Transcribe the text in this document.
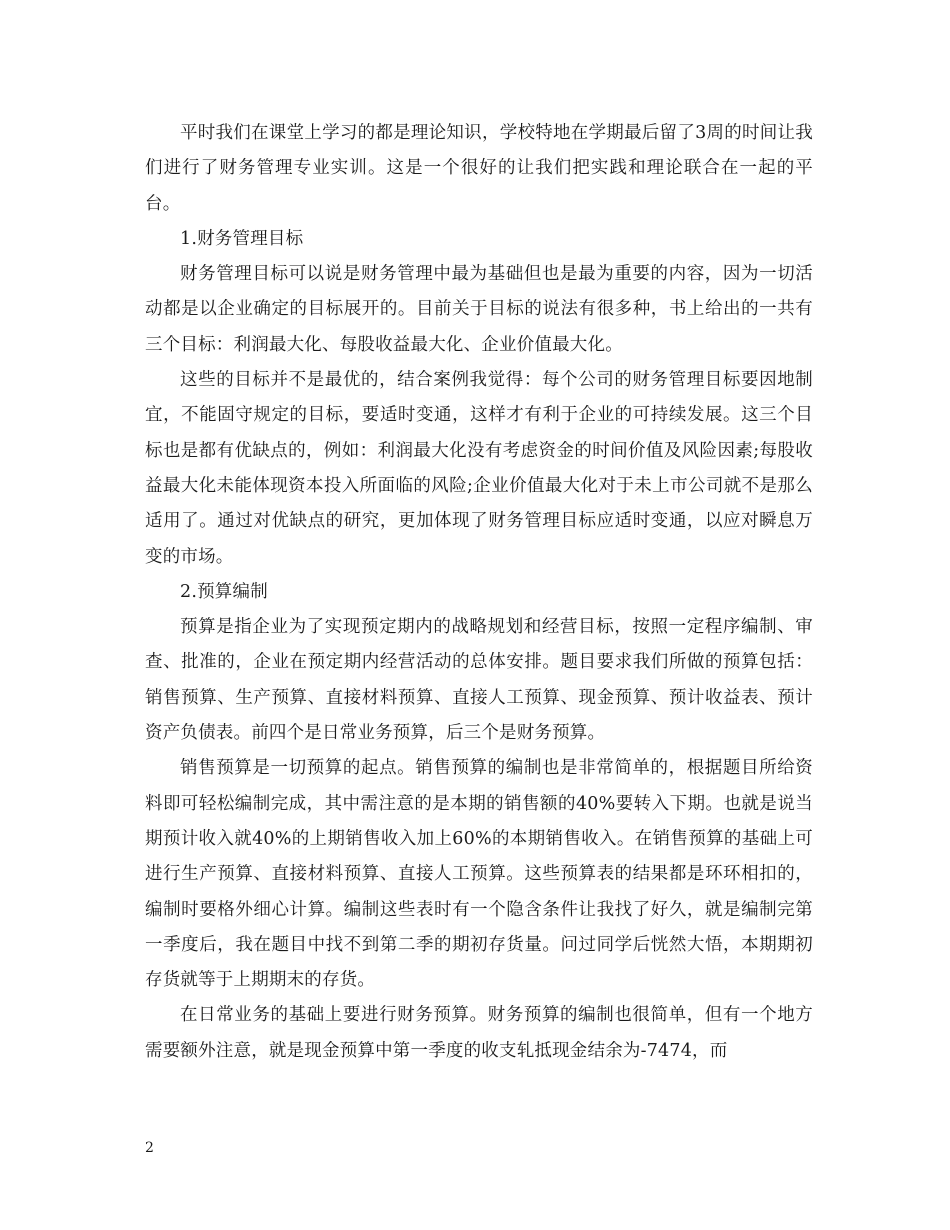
平时我们在课堂上学习的都是理论知识，学校特地在学期最后留了3周的时间让我们进行了财务管理专业实训。这是一个很好的让我们把实践和理论联合在一起的平台。

1.财务管理目标

财务管理目标可以说是财务管理中最为基础但也是最为重要的内容，因为一切活动都是以企业确定的目标展开的。目前关于目标的说法有很多种，书上给出的一共有三个目标：利润最大化、每股收益最大化、企业价值最大化。

这些的目标并不是最优的，结合案例我觉得：每个公司的财务管理目标要因地制宜，不能固守规定的目标，要适时变通，这样才有利于企业的可持续发展。这三个目标也是都有优缺点的，例如：利润最大化没有考虑资金的时间价值及风险因素;每股收益最大化未能体现资本投入所面临的风险;企业价值最大化对于未上市公司就不是那么适用了。通过对优缺点的研究，更加体现了财务管理目标应适时变通，以应对瞬息万变的市场。

2.预算编制

预算是指企业为了实现预定期内的战略规划和经营目标，按照一定程序编制、审查、批准的，企业在预定期内经营活动的总体安排。题目要求我们所做的预算包括：销售预算、生产预算、直接材料预算、直接人工预算、现金预算、预计收益表、预计资产负债表。前四个是日常业务预算，后三个是财务预算。

销售预算是一切预算的起点。销售预算的编制也是非常简单的，根据题目所给资料即可轻松编制完成，其中需注意的是本期的销售额的40%要转入下期。也就是说当期预计收入就40%的上期销售收入加上60%的本期销售收入。在销售预算的基础上可进行生产预算、直接材料预算、直接人工预算。这些预算表的结果都是环环相扣的，编制时要格外细心计算。编制这些表时有一个隐含条件让我找了好久，就是编制完第一季度后，我在题目中找不到第二季的期初存货量。问过同学后恍然大悟，本期期初存货就等于上期期末的存货。

在日常业务的基础上要进行财务预算。财务预算的编制也很简单，但有一个地方需要额外注意，就是现金预算中第一季度的收支轧抵现金结余为-7474，而

2
